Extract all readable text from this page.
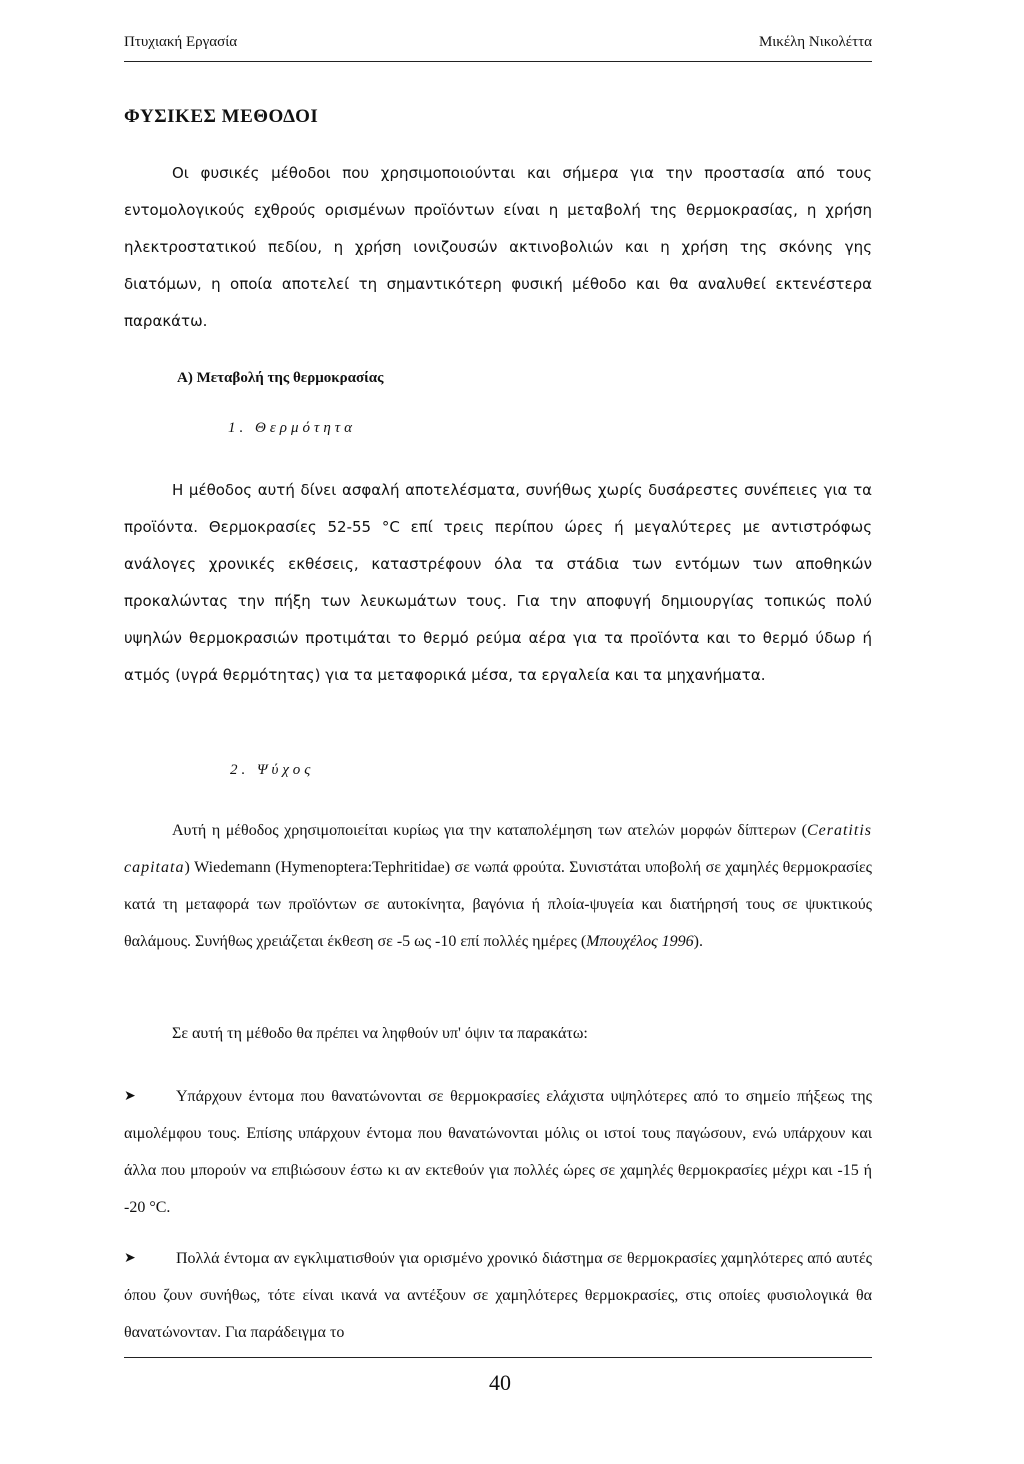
Πτυχιακή Εργασία	Μικέλη Νικολέττα
ΦΥΣΙΚΕΣ ΜΕΘΟΔΟΙ

Οι φυσικές μέθοδοι που χρησιμοποιούνται και σήμερα για την προστασία από τους εντομολογικούς εχθρούς ορισμένων προϊόντων είναι η μεταβολή της θερμοκρασίας, η χρήση ηλεκτροστατικού πεδίου, η χρήση ιονιζουσών ακτινοβολιών και η χρήση της σκόνης γης διατόμων, η οποία αποτελεί τη σημαντικότερη φυσική μέθοδο και θα αναλυθεί εκτενέστερα παρακάτω.

Α) Μεταβολή της θερμοκρασίας
1. Θερμότητα

Η μέθοδος αυτή δίνει ασφαλή αποτελέσματα, συνήθως χωρίς δυσάρεστες συνέπειες για τα προϊόντα. Θερμοκρασίες 52-55 °C επί τρεις περίπου ώρες ή μεγαλύτερες με αντιστρόφως ανάλογες χρονικές εκθέσεις, καταστρέφουν όλα τα στάδια των εντόμων των αποθηκών προκαλώντας την πήξη των λευκωμάτων τους. Για την αποφυγή δημιουργίας τοπικώς πολύ υψηλών θερμοκρασιών προτιμάται το θερμό ρεύμα αέρα για τα προϊόντα και το θερμό ύδωρ ή ατμός (υγρά θερμότητας) για τα μεταφορικά μέσα, τα εργαλεία και τα μηχανήματα.

2. Ψύχος

Αυτή η μέθοδος χρησιμοποιείται κυρίως για την καταπολέμηση των ατελών μορφών δίπτερων (Ceratitis capitata) Wiedemann (Hymenoptera:Tephritidae) σε νωπά φρούτα. Συνιστάται υποβολή σε χαμηλές θερμοκρασίες κατά τη μεταφορά των προϊόντων σε αυτοκίνητα, βαγόνια ή πλοία-ψυγεία και διατήρησή τους σε ψυκτικούς θαλάμους. Συνήθως χρειάζεται έκθεση σε -5 ως -10 επί πολλές ημέρες (Μπουχέλος 1996).

Σε αυτή τη μέθοδο θα πρέπει να ληφθούν υπ' όψιν τα παρακάτω:

➤	Υπάρχουν έντομα που θανατώνονται σε θερμοκρασίες ελάχιστα υψηλότερες από το σημείο πήξεως της αιμολέμφου τους. Επίσης υπάρχουν έντομα που θανατώνονται μόλις οι ιστοί τους παγώσουν, ενώ υπάρχουν και άλλα που μπορούν να επιβιώσουν έστω κι αν εκτεθούν για πολλές ώρες σε χαμηλές θερμοκρασίες μέχρι και -15 ή -20 °C.

➤	Πολλά έντομα αν εγκλιματισθούν για ορισμένο χρονικό διάστημα σε θερμοκρασίες χαμηλότερες από αυτές όπου ζουν συνήθως, τότε είναι ικανά να αντέξουν σε χαμηλότερες θερμοκρασίες, στις οποίες φυσιολογικά θα θανατώνονταν. Για παράδειγμα το

40
